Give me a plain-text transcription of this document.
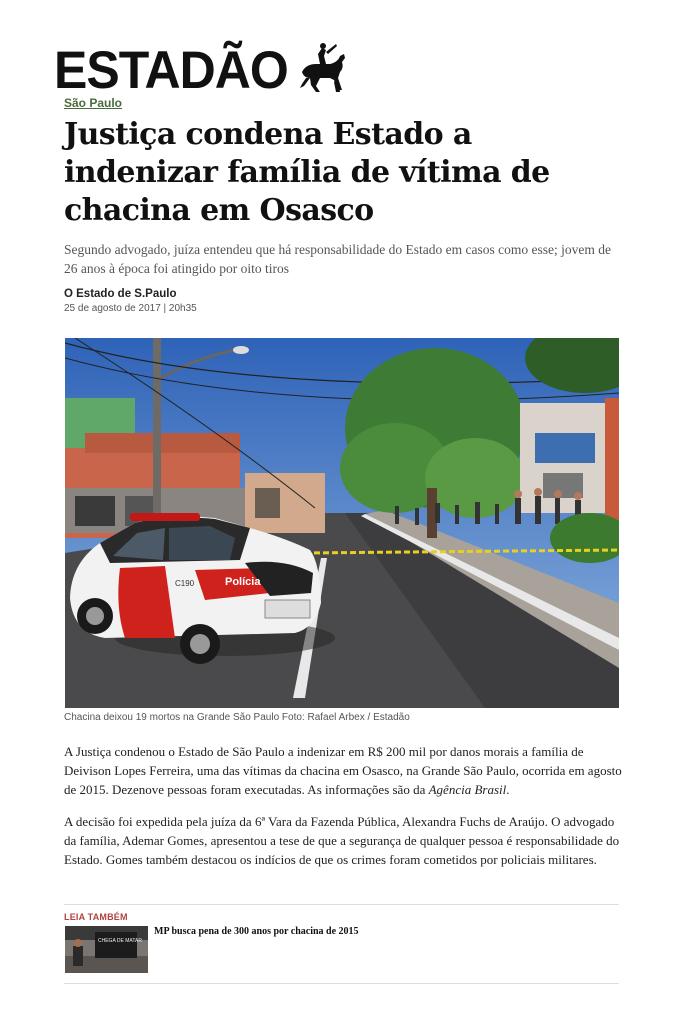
ESTADÃO
São Paulo
Justiça condena Estado a indenizar família de vítima de chacina em Osasco

Segundo advogado, juíza entendeu que há responsabilidade do Estado em casos como esse; jovem de 26 anos à época foi atingido por oito tiros

O Estado de S.Paulo
25 de agosto de 2017 | 20h35
Polícia
C190
Chacina deixou 19 mortos na Grande São Paulo Foto: Rafael Arbex / Estadão

A Justiça condenou o Estado de São Paulo a indenizar em R$ 200 mil por danos morais a família de Deivison Lopes Ferreira, uma das vítimas da chacina em Osasco, na Grande São Paulo, ocorrida em agosto de 2015. Dezenove pessoas foram executadas. As informações são da Agência Brasil.

A decisão foi expedida pela juíza da 6ª Vara da Fazenda Pública, Alexandra Fuchs de Araújo. O advogado da família, Ademar Gomes, apresentou a tese de que a segurança de qualquer pessoa é responsabilidade do Estado. Gomes também destacou os indícios de que os crimes foram cometidos por policiais militares.

LEIA TAMBÉM
CHEGA DE MATAR
MP busca pena de 300 anos por chacina de 2015
